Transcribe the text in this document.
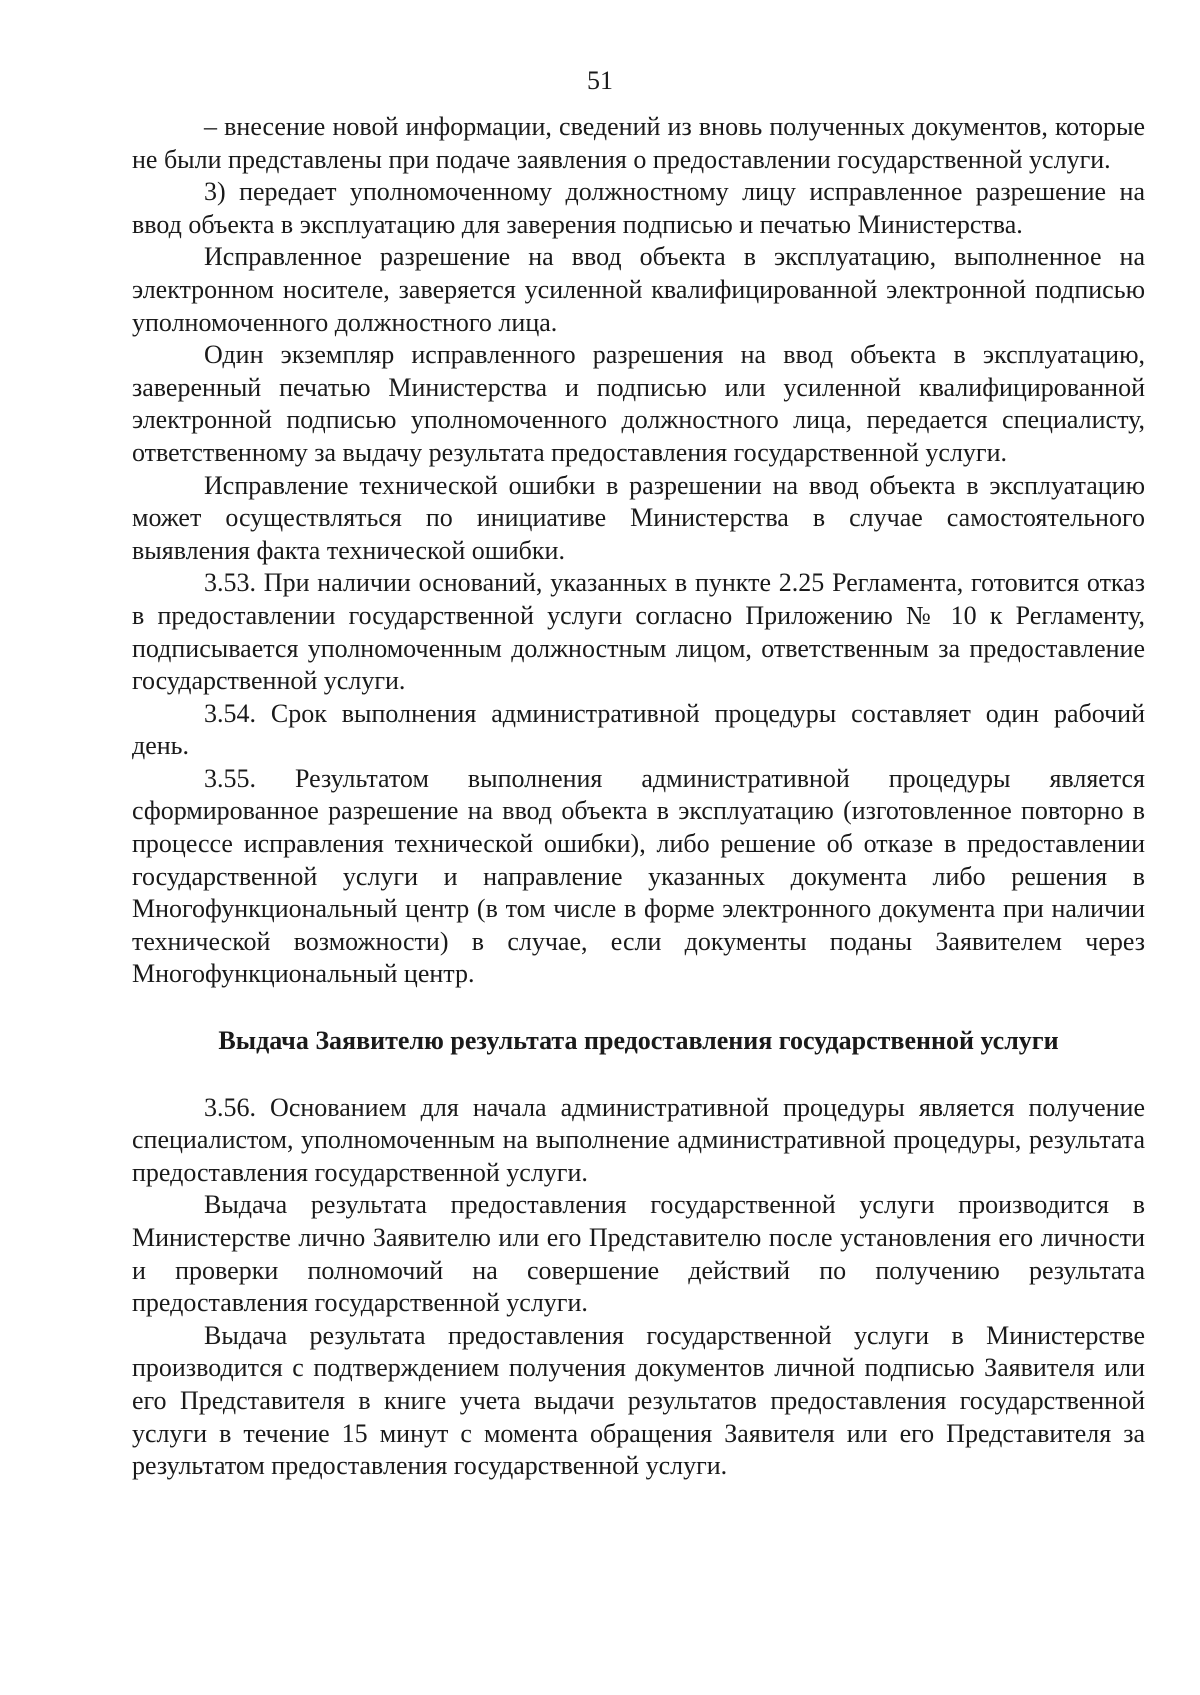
51

– внесение новой информации, сведений из вновь полученных документов, которые не были представлены при подаче заявления о предоставлении государственной услуги.

3) передает уполномоченному должностному лицу исправленное разрешение на ввод объекта в эксплуатацию для заверения подписью и печатью Министерства.

Исправленное разрешение на ввод объекта в эксплуатацию, выполненное на электронном носителе, заверяется усиленной квалифицированной электронной подписью уполномоченного должностного лица.

Один экземпляр исправленного разрешения на ввод объекта в эксплуатацию, заверенный печатью Министерства и подписью или усиленной квалифицированной электронной подписью уполномоченного должностного лица, передается специалисту, ответственному за выдачу результата предоставления государственной услуги.

Исправление технической ошибки в разрешении на ввод объекта в эксплуатацию может осуществляться по инициативе Министерства в случае самостоятельного выявления факта технической ошибки.

3.53. При наличии оснований, указанных в пункте 2.25 Регламента, готовится отказ в предоставлении государственной услуги согласно Приложению № 10 к Регламенту, подписывается уполномоченным должностным лицом, ответственным за предоставление государственной услуги.

3.54. Срок выполнения административной процедуры составляет один рабочий день.

3.55. Результатом выполнения административной процедуры является сформированное разрешение на ввод объекта в эксплуатацию (изготовленное повторно в процессе исправления технической ошибки), либо решение об отказе в предоставлении государственной услуги и направление указанных документа либо решения в Многофункциональный центр (в том числе в форме электронного документа при наличии технической возможности) в случае, если документы поданы Заявителем через Многофункциональный центр.

Выдача Заявителю результата предоставления государственной услуги

3.56. Основанием для начала административной процедуры является получение специалистом, уполномоченным на выполнение административной процедуры, результата предоставления государственной услуги.

Выдача результата предоставления государственной услуги производится в Министерстве лично Заявителю или его Представителю после установления его личности и проверки полномочий на совершение действий по получению результата предоставления государственной услуги.

Выдача результата предоставления государственной услуги в Министерстве производится с подтверждением получения документов личной подписью Заявителя или его Представителя в книге учета выдачи результатов предоставления государственной услуги в течение 15 минут с момента обращения Заявителя или его Представителя за результатом предоставления государственной услуги.
